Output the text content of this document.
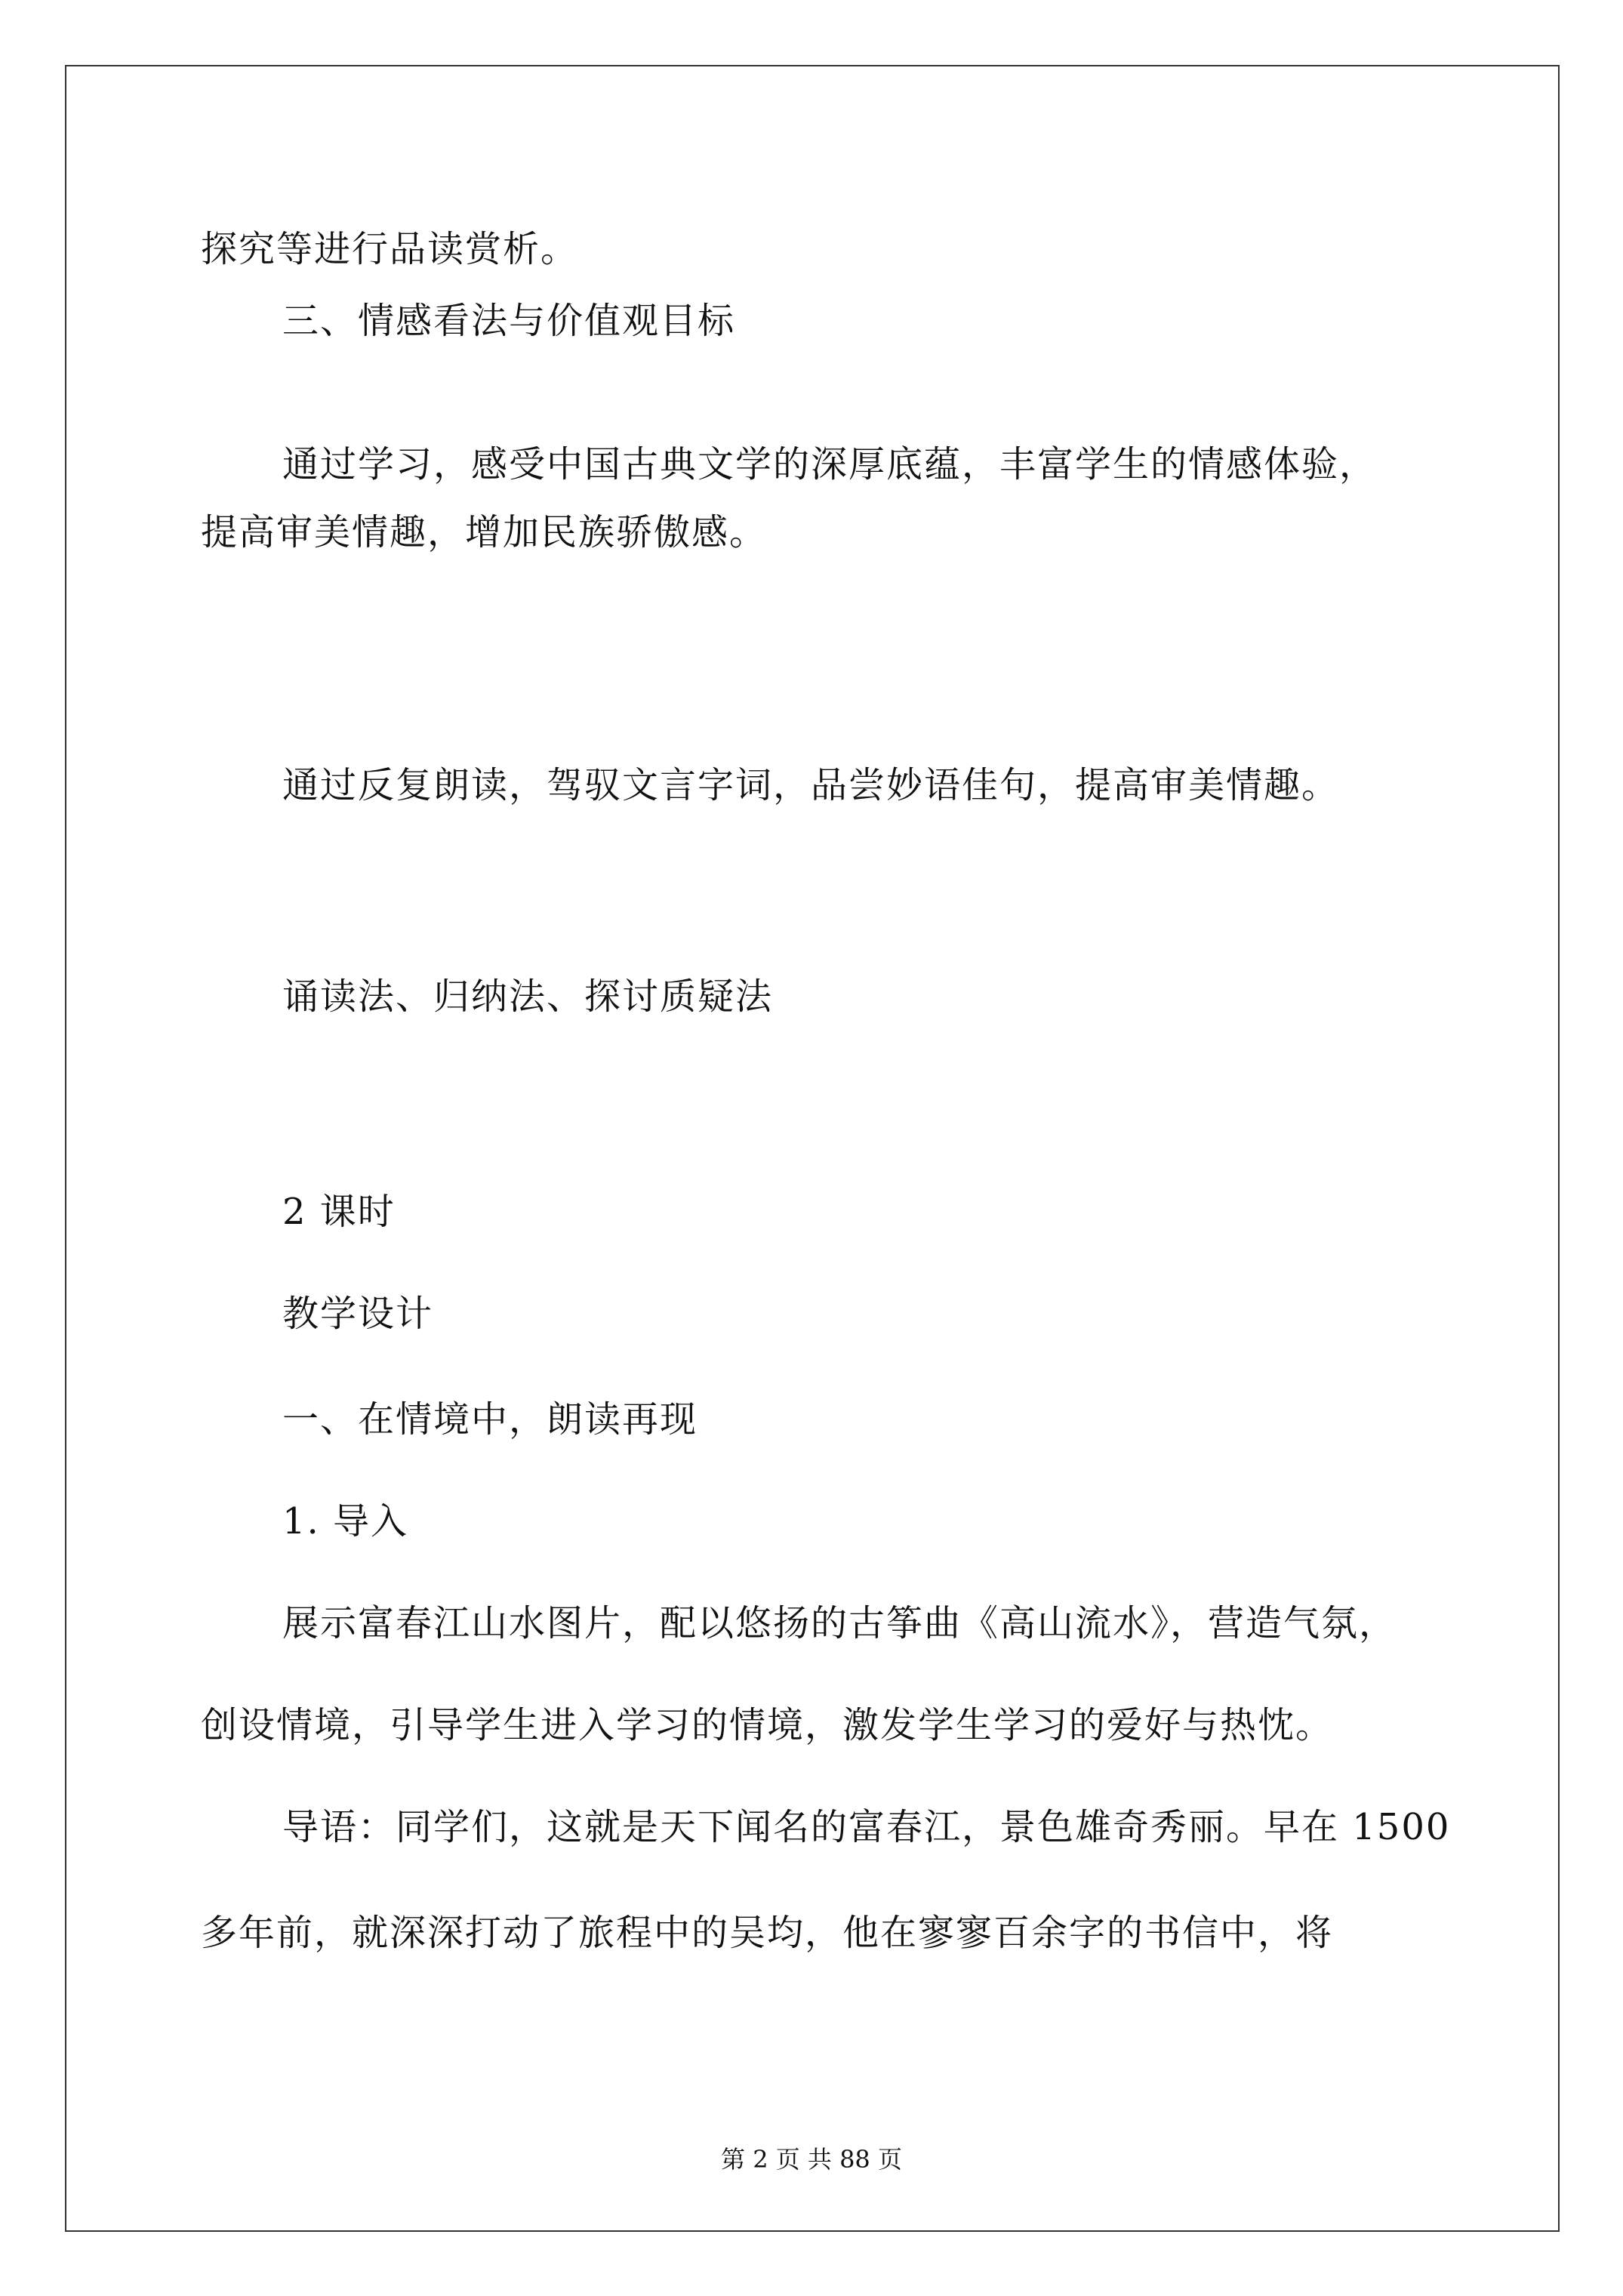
探究等进行品读赏析。
三、情感看法与价值观目标
通过学习，感受中国古典文学的深厚底蕴，丰富学生的情感体验，
提高审美情趣，增加民族骄傲感。
通过反复朗读，驾驭文言字词，品尝妙语佳句，提高审美情趣。
诵读法、归纳法、探讨质疑法
2 课时
教学设计
一、在情境中，朗读再现
1. 导入
展示富春江山水图片，配以悠扬的古筝曲《高山流水》，营造气氛，
创设情境，引导学生进入学习的情境，激发学生学习的爱好与热忱。
导语：同学们，这就是天下闻名的富春江，景色雄奇秀丽。早在 1500
多年前，就深深打动了旅程中的吴均，他在寥寥百余字的书信中，将
第 2 页 共 88 页
